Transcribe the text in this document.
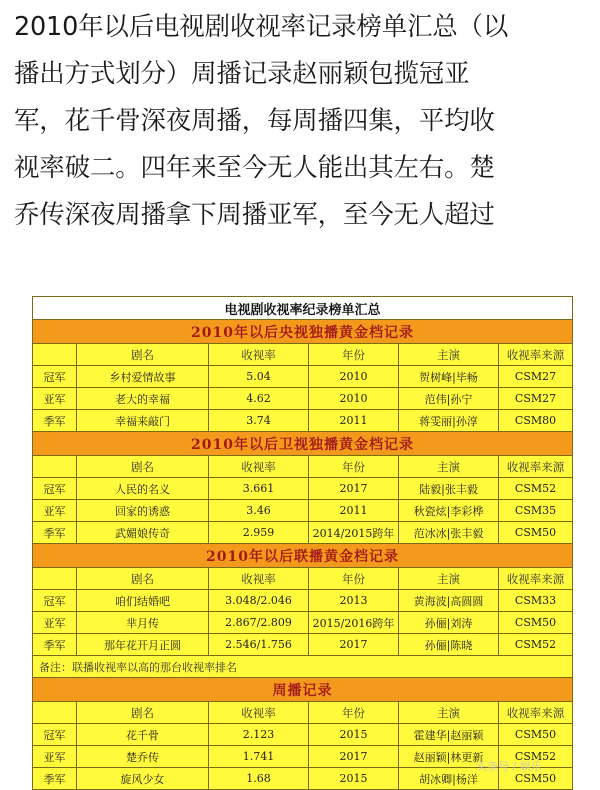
2010年以后电视剧收视率记录榜单汇总（以
播出方式划分）周播记录赵丽颖包揽冠亚
军，花千骨深夜周播，每周播四集，平均收
视率破二。四年来至今无人能出其左右。楚
乔传深夜周播拿下周播亚军，至今无人超过
电视剧收视率纪录榜单汇总					
2010年以后央视独播黄金档记录					
	剧名	收视率	年份	主演	收视率来源
冠军	乡村爱情故事	5.04	2010	贺树峰|毕畅	CSM27
亚军	老大的幸福	4.62	2010	范伟|孙宁	CSM27
季军	幸福来敲门	3.74	2011	蒋雯丽|孙淳	CSM80
2010年以后卫视独播黄金档记录					
	剧名	收视率	年份	主演	收视率来源
冠军	人民的名义	3.661	2017	陆毅|张丰毅	CSM52
亚军	回家的诱惑	3.46	2011	秋瓷炫|李彩桦	CSM35
季军	武媚娘传奇	2.959	2014/2015跨年	范冰冰|张丰毅	CSM50
2010年以后联播黄金档记录					
	剧名	收视率	年份	主演	收视率来源
冠军	咱们结婚吧	3.048/2.046	2013	黄海波|高圆圆	CSM33
亚军	芈月传	2.867/2.809	2015/2016跨年	孙俪|刘涛	CSM50
季军	那年花开月正圆	2.546/1.756	2017	孙俪|陈晓	CSM52
备注：联播收视率以高的那台收视率排名					
周播记录					
	剧名	收视率	年份	主演	收视率来源
冠军	花千骨	2.123	2015	霍建华|赵丽颖	CSM50
亚军	楚乔传	1.741	2017	赵丽颖|林更新	CSM52
季军	旋风少女	1.68	2015	胡冰卿|杨洋	CSM50
头条号 / 娱乐
